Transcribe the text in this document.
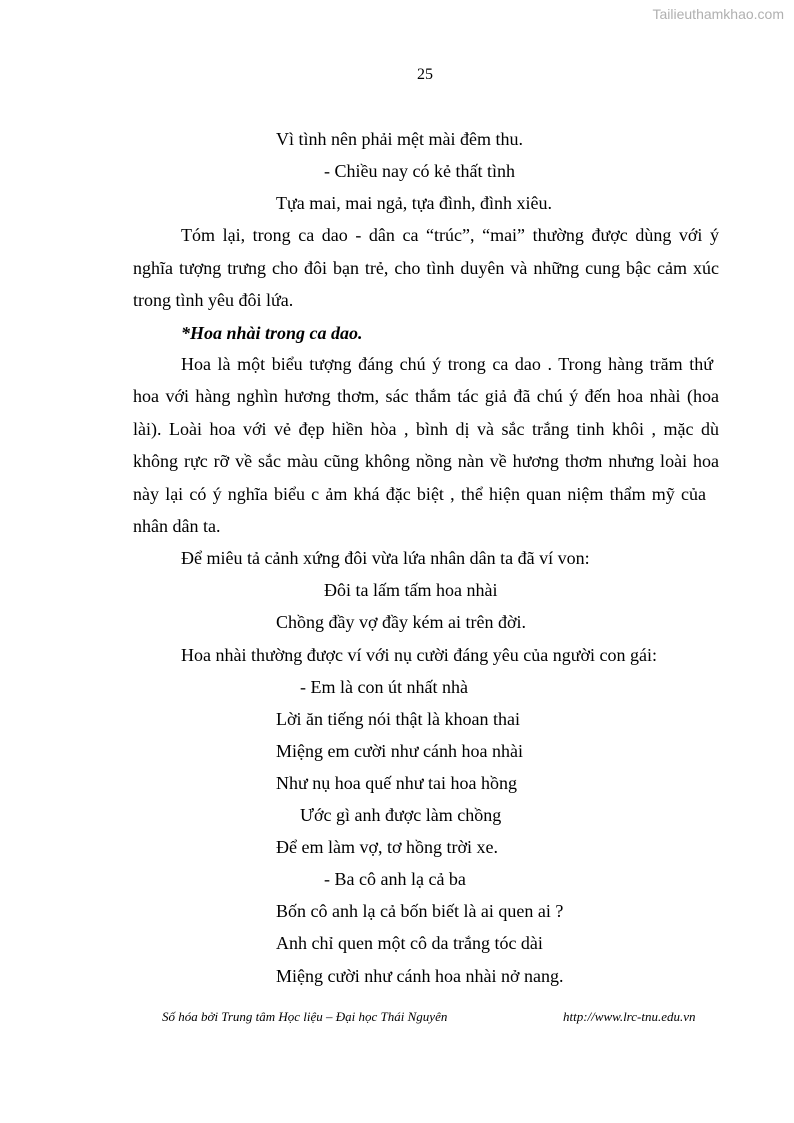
Tailieuthamkhao.com
25
Vì tình nên phải mệt mài đêm thu.
- Chiều nay có kẻ thất tình
Tựa mai, mai ngả, tựa đình, đình xiêu.
Tóm lại, trong ca dao - dân ca “trúc”, “mai” thường được dùng với ý
nghĩa tượng trưng cho đôi bạn trẻ, cho tình duyên và những cung bậc cảm xúc
trong tình yêu đôi lứa.
*Hoa nhài trong ca dao.
Hoa là một biểu tượng đáng chú ý trong ca dao . Trong hàng trăm thứ
hoa với hàng nghìn hương thơm, sác thắm tác giả đã chú ý đến hoa nhài (hoa
lài). Loài hoa với vẻ đẹp hiền hòa , bình dị và sắc trắng tinh khôi , mặc dù
không rực rỡ về sắc màu cũng không nồng nàn về hương thơm nhưng loài hoa
này lại có ý nghĩa biểu c ảm khá đặc biệt , thể hiện quan niệm thẩm mỹ của
nhân dân ta.
Để miêu tả cảnh xứng đôi vừa lứa nhân dân ta đã ví von:
Đôi ta lấm tấm hoa nhài
Chồng đầy vợ đầy kém ai trên đời.
Hoa nhài thường được ví với nụ cười đáng yêu của người con gái:
- Em là con út nhất nhà
Lời ăn tiếng nói thật là khoan thai
Miệng em cười như cánh hoa nhài
Như nụ hoa quế như tai hoa hồng
Ước gì anh được làm chồng
Để em làm vợ, tơ hồng trời xe.
- Ba cô anh lạ cả ba
Bốn cô anh lạ cả bốn biết là ai quen ai ?
Anh chỉ quen một cô da trắng tóc dài
Miệng cười như cánh hoa nhài nở nang.
Số hóa bởi Trung tâm Học liệu – Đại học Thái Nguyên	http://www.lrc-tnu.edu.vn
